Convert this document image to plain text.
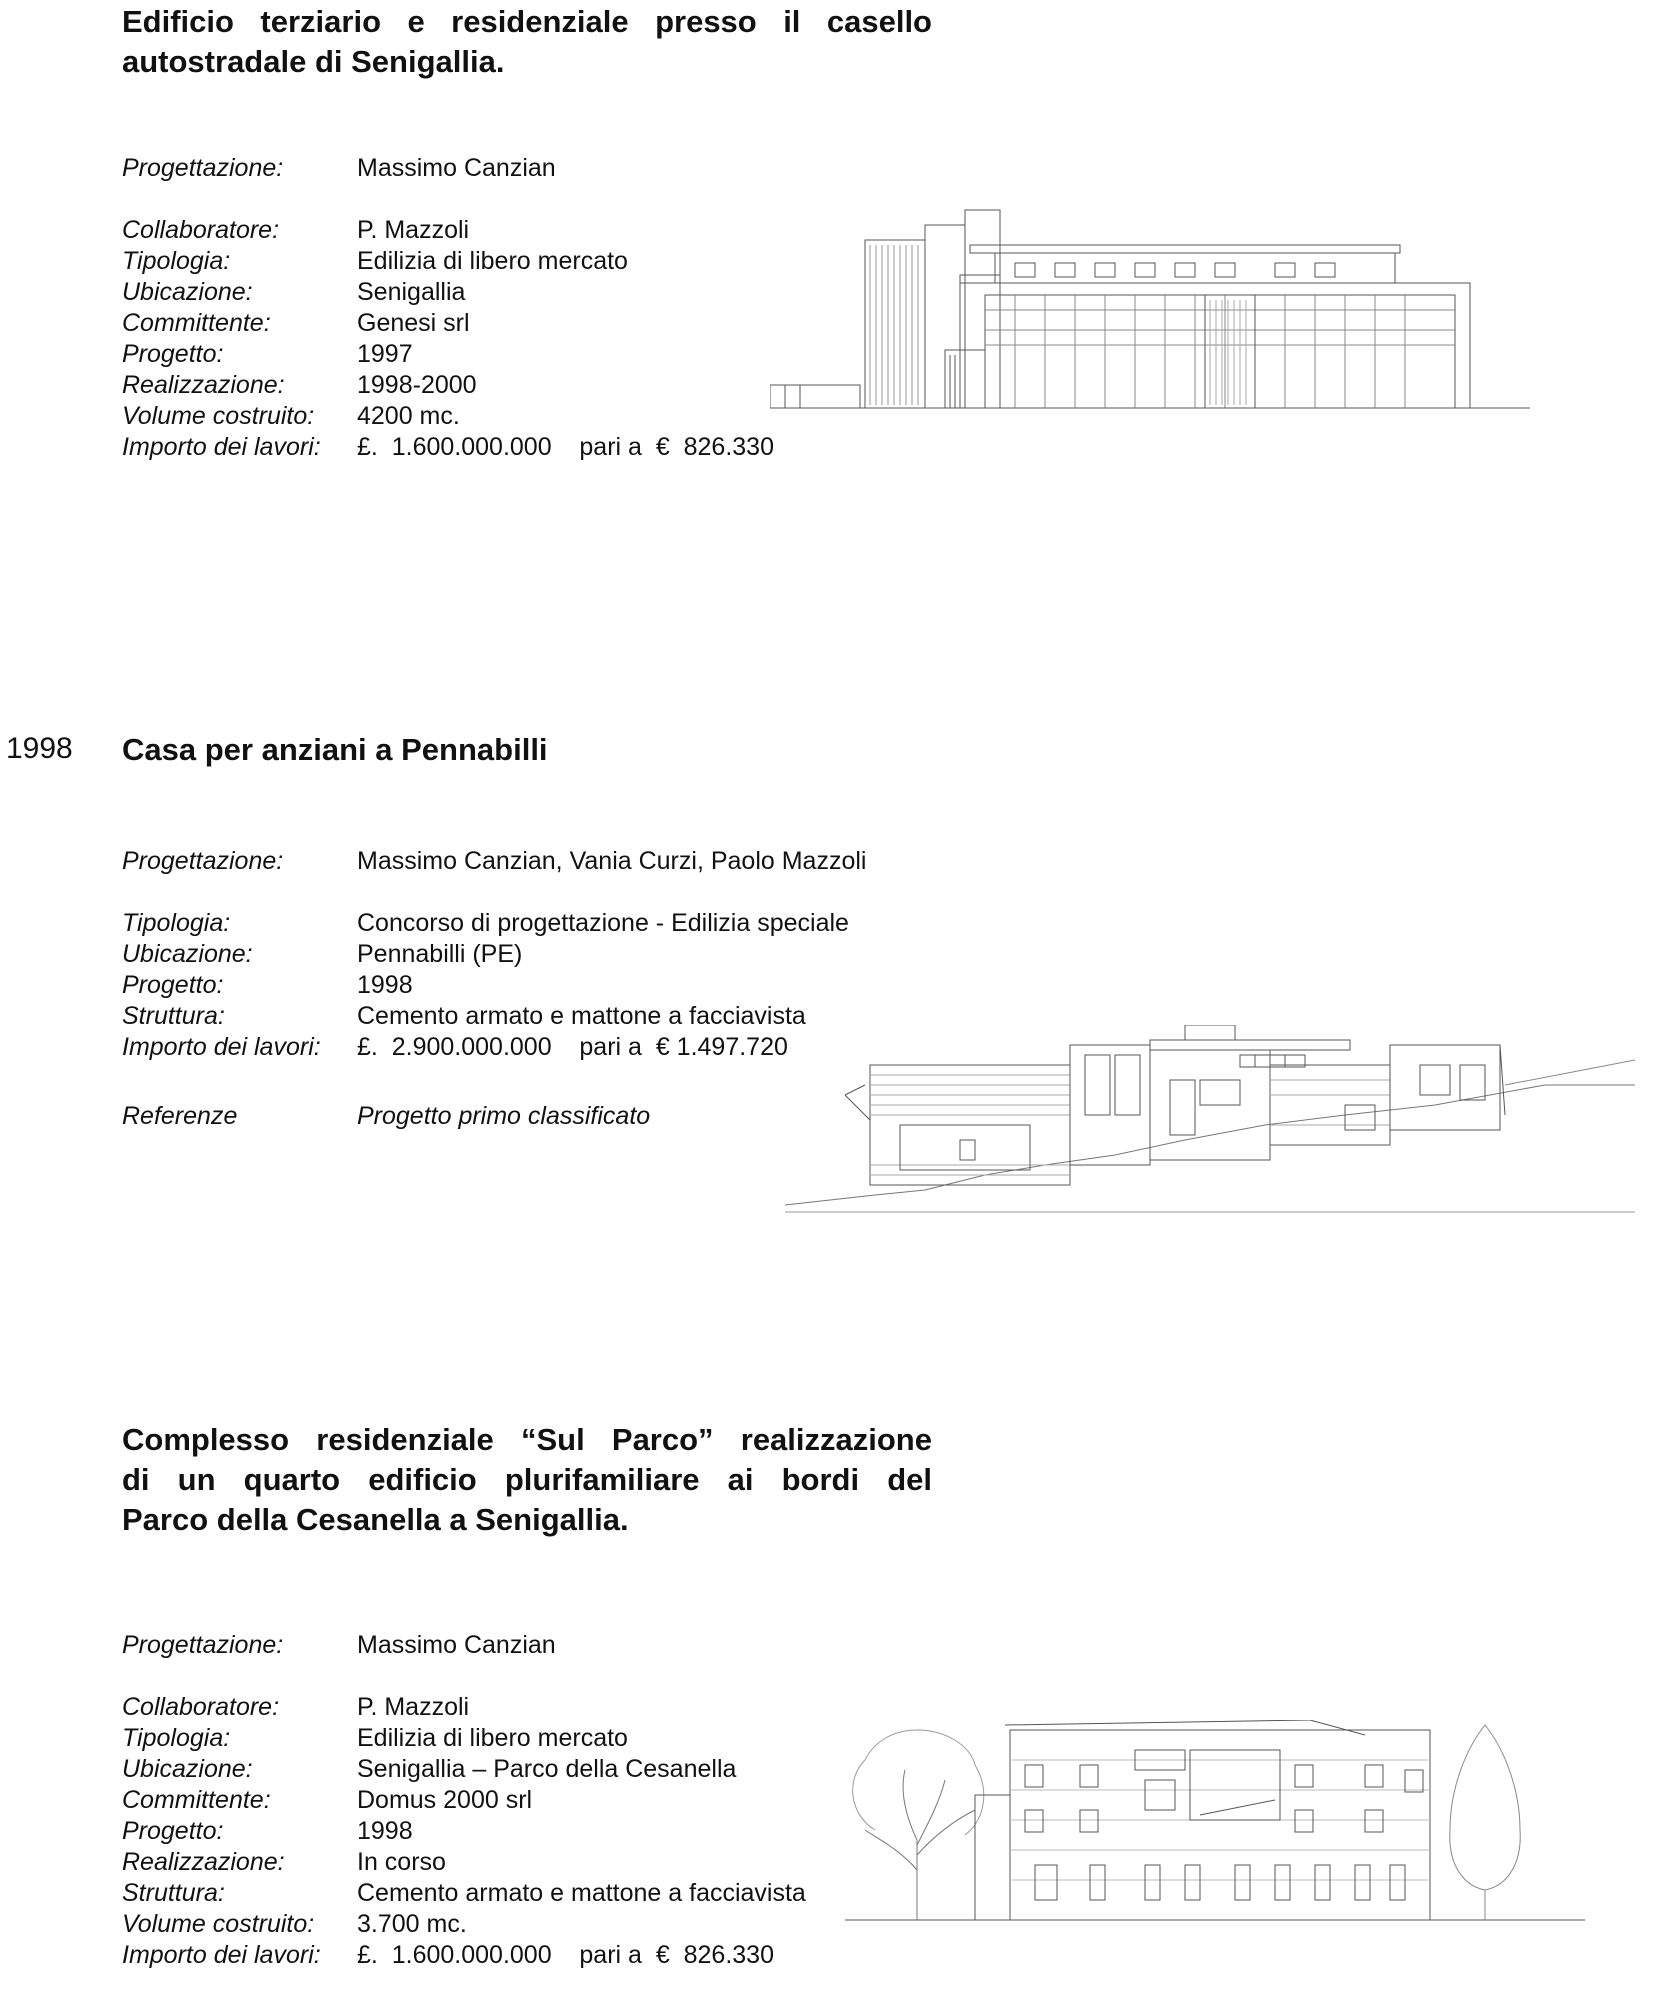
Edificio terziario e residenziale presso il casello
autostradale di Senigallia.
Progettazione:	Massimo Canzian
Collaboratore:	P. Mazzoli
Tipologia:	Edilizia di libero mercato
Ubicazione:	Senigallia
Committente:	Genesi srl
Progetto:	1997
Realizzazione:	1998-2000
Volume costruito:	4200 mc.
Importo dei lavori:	£.  1.600.000.000    pari a  €  826.330
1998 Casa per anziani a Pennabilli
Progettazione:	Massimo Canzian, Vania Curzi, Paolo Mazzoli
Tipologia:	Concorso di progettazione - Edilizia speciale
Ubicazione:	Pennabilli (PE)
Progetto:	1998
Struttura:	Cemento armato e mattone a facciavista
Importo dei lavori:	£.  2.900.000.000    pari a  € 1.497.720
Referenze	Progetto primo classificato
Complesso residenziale “Sul Parco” realizzazione
di un quarto edificio plurifamiliare ai bordi del
Parco della Cesanella a Senigallia.
Progettazione:	Massimo Canzian
Collaboratore:	P. Mazzoli
Tipologia:	Edilizia di libero mercato
Ubicazione:	Senigallia – Parco della Cesanella
Committente:	Domus 2000 srl
Progetto:	1998
Realizzazione:	In corso
Struttura:	Cemento armato e mattone a facciavista
Volume costruito:	3.700 mc.
Importo dei lavori:	£.  1.600.000.000    pari a  €  826.330
